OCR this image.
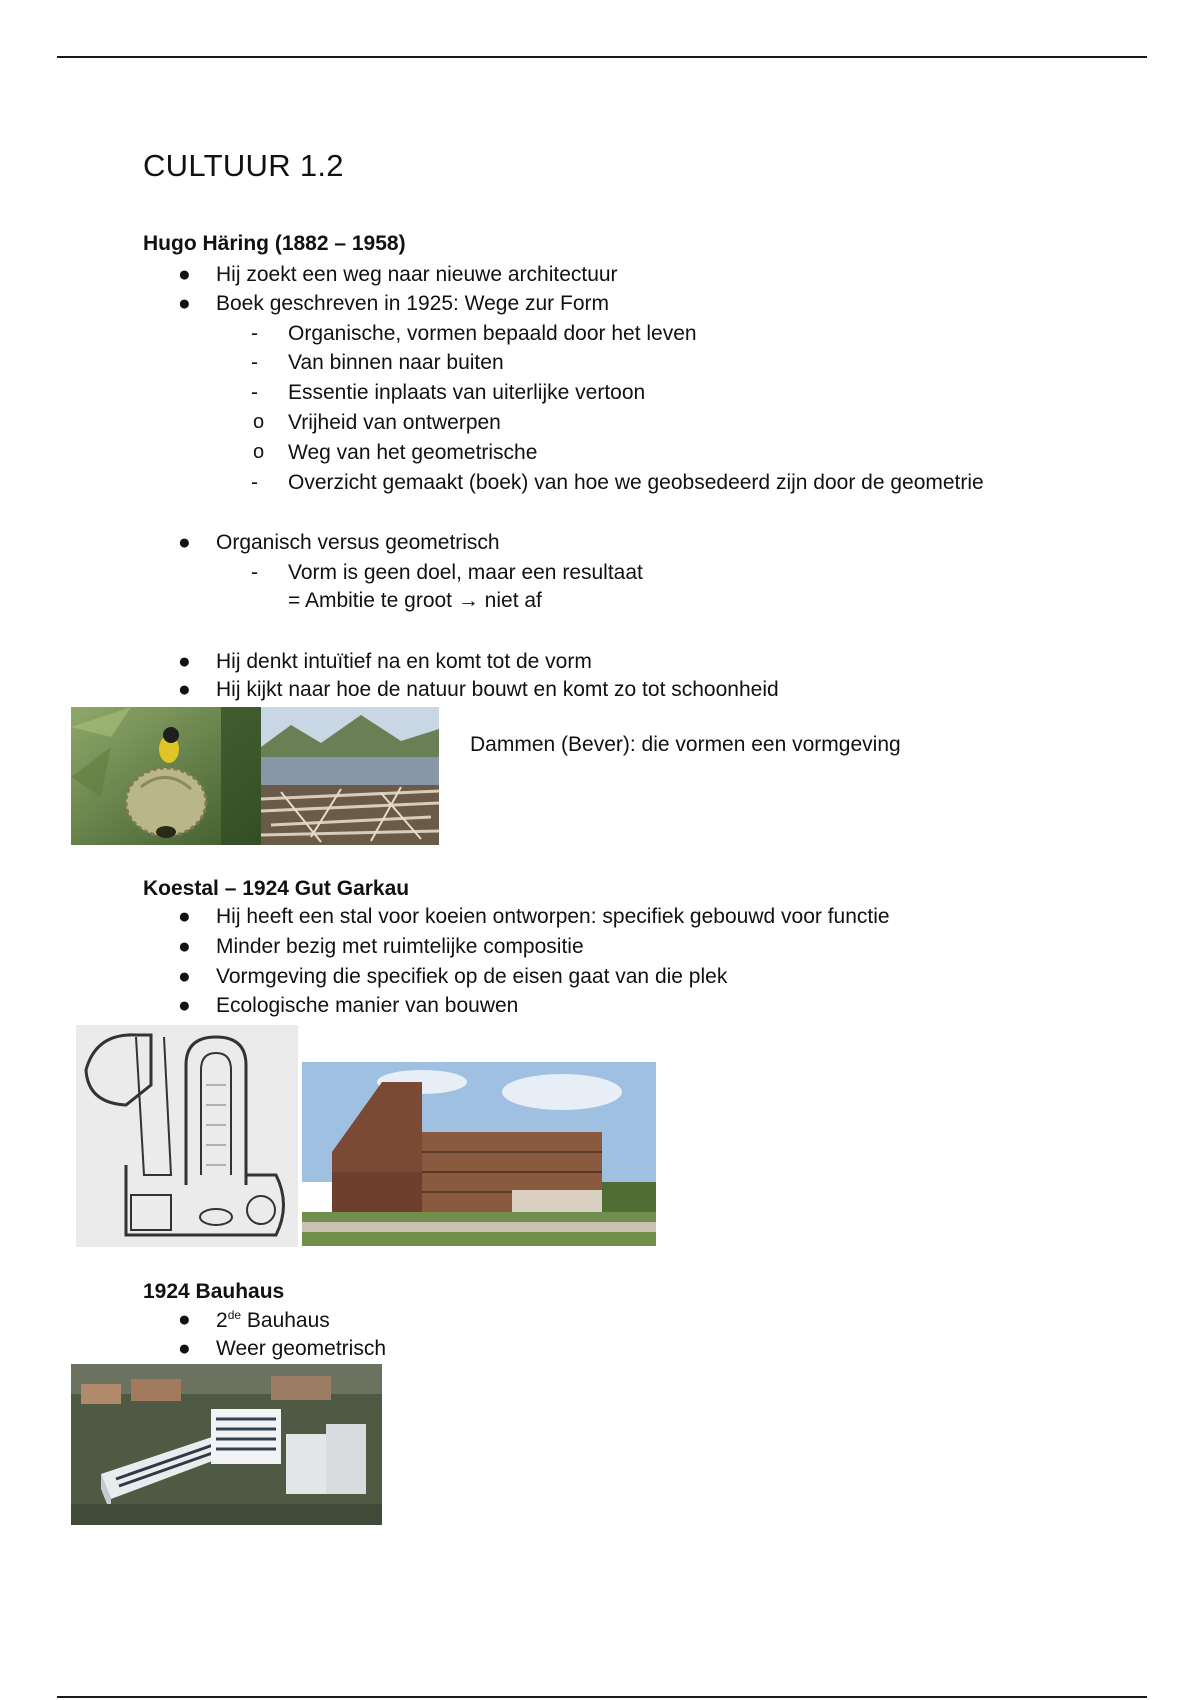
CULTUUR 1.2
Hugo Häring (1882 – 1958)
● Hij zoekt een weg naar nieuwe architectuur
● Boek geschreven in 1925: Wege zur Form
- Organische, vormen bepaald door het leven
- Van binnen naar buiten
- Essentie inplaats van uiterlijke vertoon
o Vrijheid van ontwerpen
o Weg van het geometrische
- Overzicht gemaakt (boek) van hoe we geobsedeerd zijn door de geometrie
● Organisch versus geometrisch
- Vorm is geen doel, maar een resultaat
= Ambitie te groot → niet af
● Hij denkt intuïtief na en komt tot de vorm
● Hij kijkt naar hoe de natuur bouwt en komt zo tot schoonheid
Dammen (Bever): die vormen een vormgeving
Koestal – 1924 Gut Garkau
● Hij heeft een stal voor koeien ontworpen: specifiek gebouwd voor functie
● Minder bezig met ruimtelijke compositie
● Vormgeving die specifiek op de eisen gaat van die plek
● Ecologische manier van bouwen
1924 Bauhaus
● 2de Bauhaus
● Weer geometrisch
